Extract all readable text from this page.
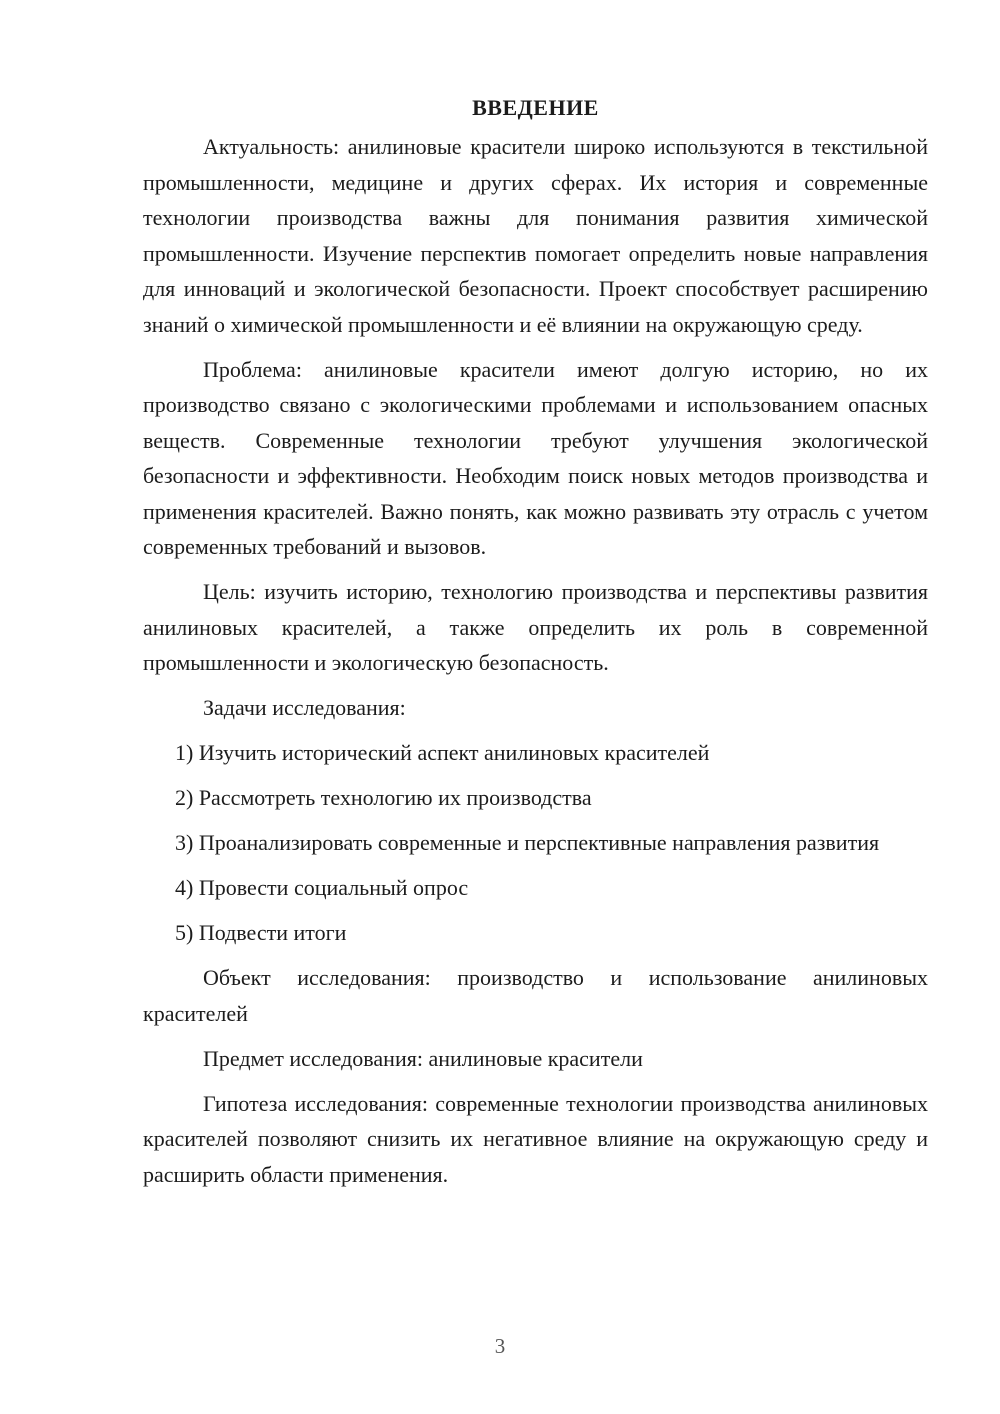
ВВЕДЕНИЕ

Актуальность: анилиновые красители широко используются в текстильной промышленности, медицине и других сферах. Их история и современные технологии производства важны для понимания развития химической промышленности. Изучение перспектив помогает определить новые направления для инноваций и экологической безопасности. Проект способствует расширению знаний о химической промышленности и её влиянии на окружающую среду.

Проблема: анилиновые красители имеют долгую историю, но их производство связано с экологическими проблемами и использованием опасных веществ. Современные технологии требуют улучшения экологической безопасности и эффективности. Необходим поиск новых методов производства и применения красителей. Важно понять, как можно развивать эту отрасль с учетом современных требований и вызовов.

Цель: изучить историю, технологию производства и перспективы развития анилиновых красителей, а также определить их роль в современной промышленности и экологическую безопасность.

Задачи исследования:

1) Изучить исторический аспект анилиновых красителей

2) Рассмотреть технологию их производства

3) Проанализировать современные и перспективные направления развития

4) Провести социальный опрос

5) Подвести итоги

Объект исследования: производство и использование анилиновых красителей

Предмет исследования: анилиновые красители

Гипотеза исследования: современные технологии производства анилиновых красителей позволяют снизить их негативное влияние на окружающую среду и расширить области применения.

3
